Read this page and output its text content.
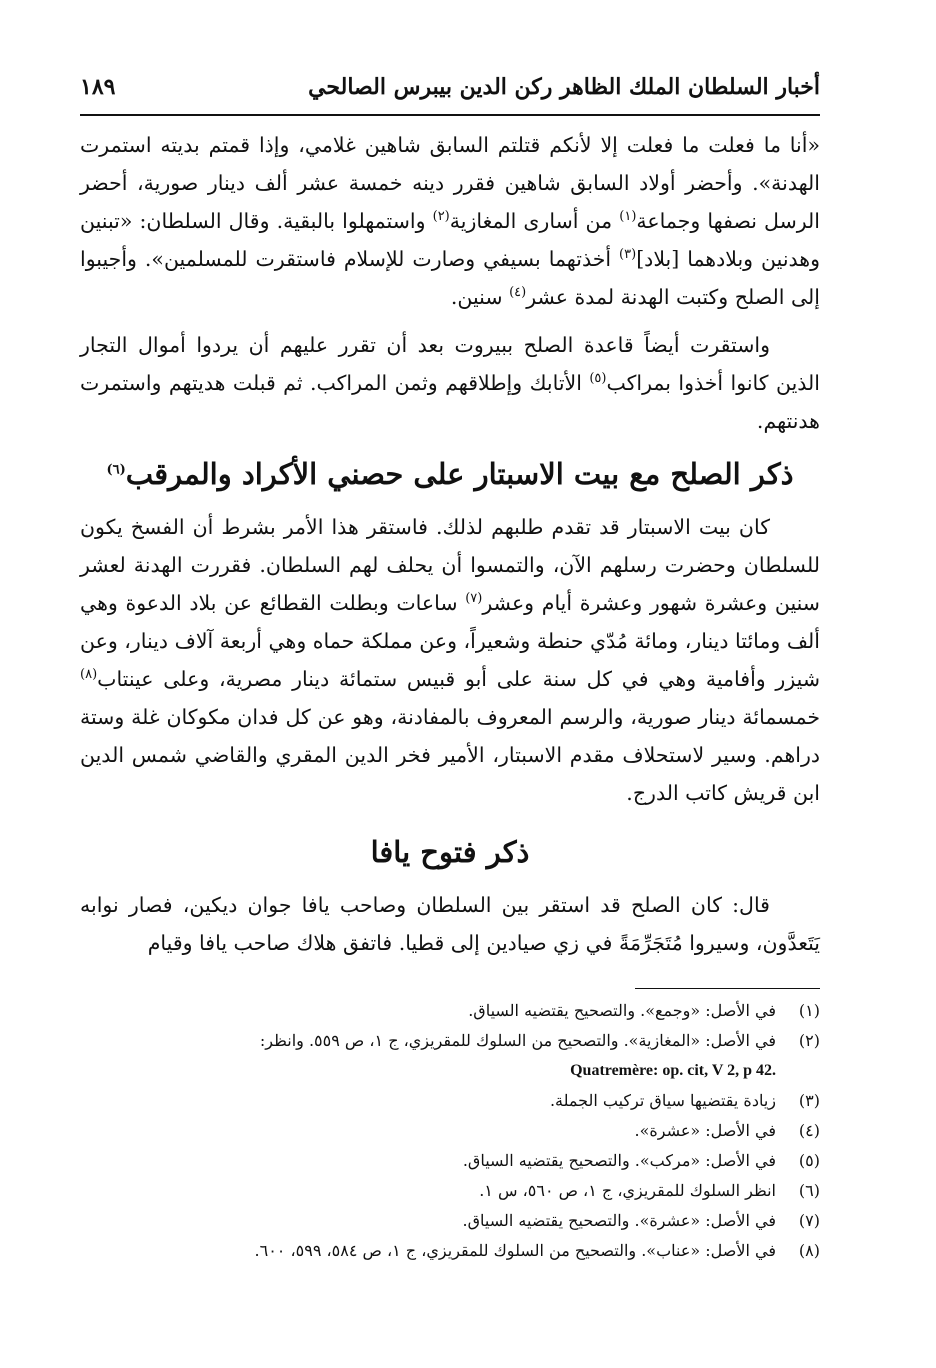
أخبار السلطان الملك الظاهر ركن الدين بيبرس الصالحي
١٨٩

«أنا ما فعلت ما فعلت إلا لأنكم قتلتم السابق شاهين غلامي، وإذا قمتم بديته استمرت الهدنة». وأحضر أولاد السابق شاهين فقرر دينه خمسة عشر ألف دينار صورية، أحضر الرسل نصفها وجماعة$^{(١)}$ من أسارى المغازية$^{(٢)}$ واستمهلوا بالبقية. وقال السلطان: «تبنين وهدنين وبلادهما [بلاد]$^{(٣)}$ أخذتهما بسيفي وصارت للإسلام فاستقرت للمسلمين». وأجيبوا إلى الصلح وكتبت الهدنة لمدة عشر$^{(٤)}$ سنين.

واستقرت أيضاً قاعدة الصلح ببيروت بعد أن تقرر عليهم أن يردوا أموال التجار الذين كانوا أخذوا بمراكب$^{(٥)}$ الأتابك وإطلاقهم وثمن المراكب. ثم قبلت هديتهم واستمرت هدنتهم.

ذكر الصلح مع بيت الاسبتار على حصني الأكراد والمرقب$^{(٦)}$

كان بيت الاسبتار قد تقدم طلبهم لذلك. فاستقر هذا الأمر بشرط أن الفسخ يكون للسلطان وحضرت رسلهم الآن، والتمسوا أن يحلف لهم السلطان. فقررت الهدنة لعشر سنين وعشرة شهور وعشرة أيام وعشر$^{(٧)}$ ساعات وبطلت القطائع عن بلاد الدعوة وهي ألف ومائتا دينار، ومائة مُدّي حنطة وشعيراً، وعن مملكة حماه وهي أربعة آلاف دينار، وعن شيزر وأفامية وهي في كل سنة على أبو قبيس ستمائة دينار مصرية، وعلى عينتاب$^{(٨)}$ خمسمائة دينار صورية، والرسم المعروف بالمفادنة، وهو عن كل فدان مكوكان غلة وستة دراهم. وسير لاستحلاف مقدم الاسبتار، الأمير فخر الدين المقري والقاضي شمس الدين ابن قريش كاتب الدرج.

ذكر فتوح يافا

قال: كان الصلح قد استقر بين السلطان وصاحب يافا جوان ديكين، فصار نوابه يَتَعدَّون، وسيروا مُتَجَرِّمَةً في زي صيادين إلى قطيا. فاتفق هلاك صاحب يافا وقيام

(١)
في الأصل: «وجمع». والتصحيح يقتضيه السياق.
(٢)
في الأصل: «المغازية». والتصحيح من السلوك للمقريزي، ج ١، ص ٥٥٩. وانظر:
Quatremère: op. cit, V 2, p 42.
(٣)
زيادة يقتضيها سياق تركيب الجملة.
(٤)
في الأصل: «عشرة».
(٥)
في الأصل: «مركب». والتصحيح يقتضيه السياق.
(٦)
انظر السلوك للمقريزي، ج ١، ص ٥٦٠، س ١.
(٧)
في الأصل: «عشرة». والتصحيح يقتضيه السياق.
(٨)
في الأصل: «عناب». والتصحيح من السلوك للمقريزي، ج ١، ص ٥٨٤، ٥٩٩، ٦٠٠.
